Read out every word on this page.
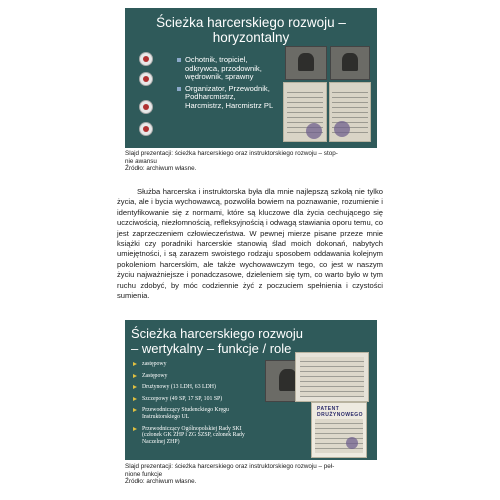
Ścieżka harcerskiego rozwoju –
horyzontalny
Ochotnik, tropiciel, odkrywca, przodownik, wędrownik, sprawny
Organizator, Przewodnik, Podharcmistrz, Harcmistrz, Harcmistrz PL
Slajd prezentacji: ścieżka harcerskiego oraz instruktorskiego rozwoju – stop-
nie awansu
Źródło: archiwum własne.

Służba harcerska i instruktorska była dla mnie najlepszą szkołą nie tylko życia, ale i bycia wychowawcą, pozwoliła bowiem na poznawanie, rozumienie i identyfikowanie się z normami, które są kluczowe dla życia cechującego się uczciwością, niezłomnością, refleksyjnością i odwagą stawiania oporu temu, co jest zaprzeczeniem człowieczeństwa. W pewnej mierze pisane przeze mnie książki czy poradniki harcerskie stanowią ślad moich dokonań, nabytych umiejętności, i są zarazem swoistego rodzaju sposobem oddawania kolejnym pokoleniom harcerskim, ale także wychowawczym tego, co jest w naszym życiu najważniejsze i ponadczasowe, dzieleniem się tym, co warto było w tym ruchu zdobyć, by móc codziennie żyć z poczuciem spełnienia i czystości sumienia.

Ścieżka harcerskiego rozwoju
– wertykalny – funkcje / role
zastępowy
Zastępowy
Drużynowy (13 LDH, 63 LDH)
Szczepowy (49 SP, 17 SP, 101 SP)
Przewodniczący Studenckiego Kręgu Instruktorskiego UL
Przewodniczący Ogólnopolskiej Rady SKI (członek GK ZHP i ZG SZSP, członek Rady Naczelnej ZHP)
PATENT DRUŻYNOWEGO
Slajd prezentacji: ścieżka harcerskiego oraz instruktorskiego rozwoju – peł-
nione funkcje
Źródło: archiwum własne.
